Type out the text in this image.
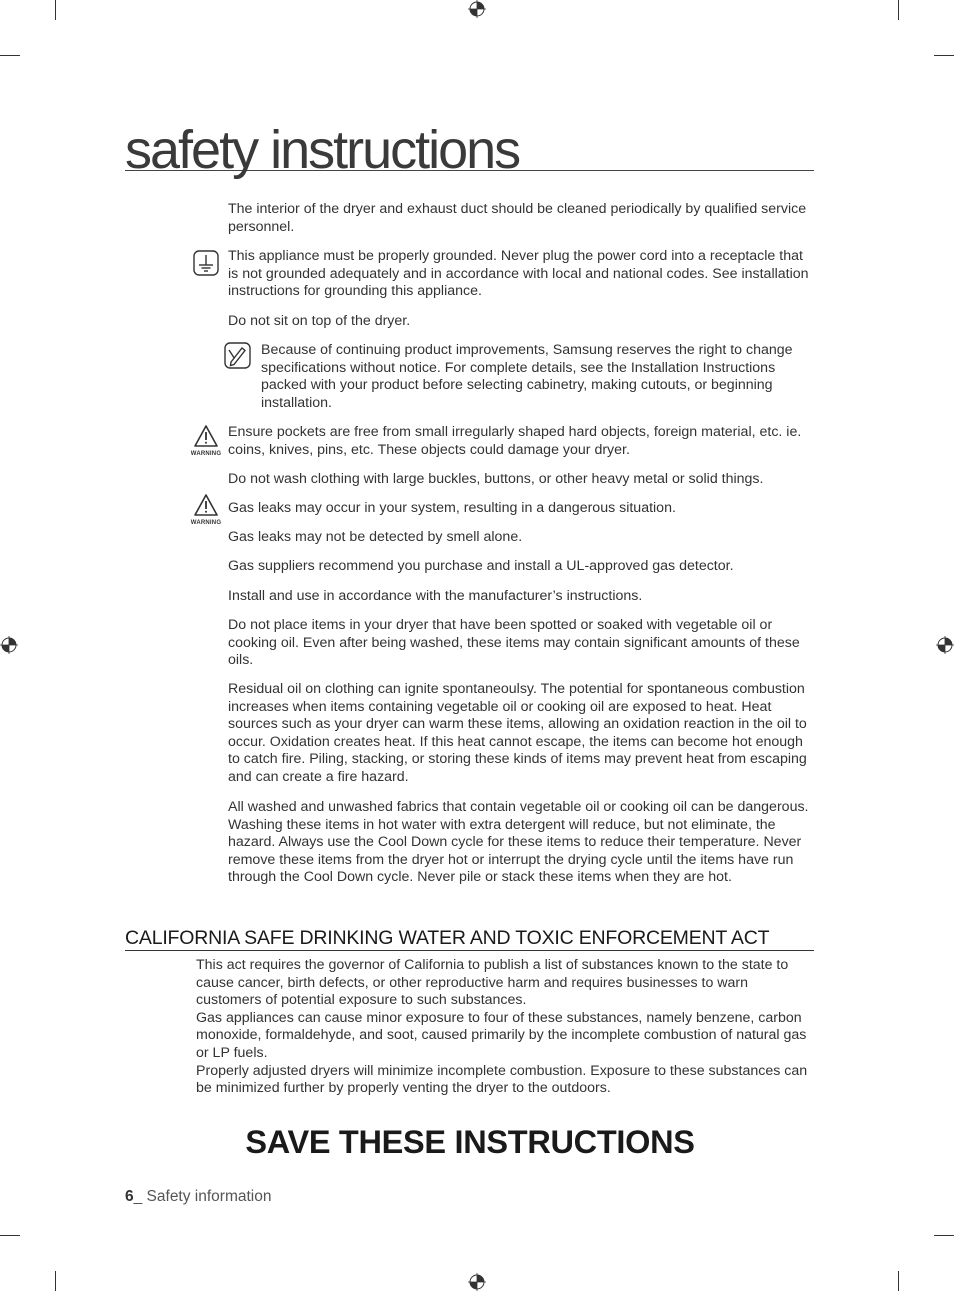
safety instructions
The interior of the dryer and exhaust duct should be cleaned periodically by qualified service personnel.
This appliance must be properly grounded. Never plug the power cord into a receptacle that is not grounded adequately and in accordance with local and national codes. See installation instructions for grounding this appliance.
Do not sit on top of the dryer.
Because of continuing product improvements, Samsung reserves the right to change specifications without notice. For complete details, see the Installation Instructions packed with your product before selecting cabinetry, making cutouts, or beginning installation.
WARNING
Ensure pockets are free from small irregularly shaped hard objects, foreign material, etc. ie. coins, knives, pins, etc. These objects could damage your dryer.
Do not wash clothing with large buckles, buttons, or other heavy metal or solid things.
WARNING
Gas leaks may occur in your system, resulting in a dangerous situation.
Gas leaks may not be detected by smell alone.
Gas suppliers recommend you purchase and install a UL-approved gas detector.
Install and use in accordance with the manufacturer’s instructions.
Do not place items in your dryer that have been spotted or soaked with vegetable oil or cooking oil. Even after being washed, these items may contain significant amounts of these oils.
Residual oil on clothing can ignite spontaneoulsy. The potential for spontaneous combustion increases when items containing vegetable oil or cooking oil are exposed to heat. Heat sources such as your dryer can warm these items, allowing an oxidation reaction in the oil to occur. Oxidation creates heat. If this heat cannot escape, the items can become hot enough to catch fire. Piling, stacking, or storing these kinds of items may prevent heat from escaping and can create a fire hazard.
All washed and unwashed fabrics that contain vegetable oil or cooking oil can be dangerous. Washing these items in hot water with extra detergent will reduce, but not eliminate, the hazard. Always use the Cool Down cycle for these items to reduce their temperature. Never remove these items from the dryer hot or interrupt the drying cycle until the items have run through the Cool Down cycle. Never pile or stack these items when they are hot.
CALIFORNIA SAFE DRINKING WATER AND TOXIC ENFORCEMENT ACT
This act requires the governor of California to publish a list of substances known to the state to cause cancer, birth defects, or other reproductive harm and requires businesses to warn customers of potential exposure to such substances.
Gas appliances can cause minor exposure to four of these substances, namely benzene, carbon monoxide, formaldehyde, and soot, caused primarily by the incomplete combustion of natural gas or LP fuels.
Properly adjusted dryers will minimize incomplete combustion. Exposure to these substances can be minimized further by properly venting the dryer to the outdoors.
SAVE THESE INSTRUCTIONS
6_ Safety information
